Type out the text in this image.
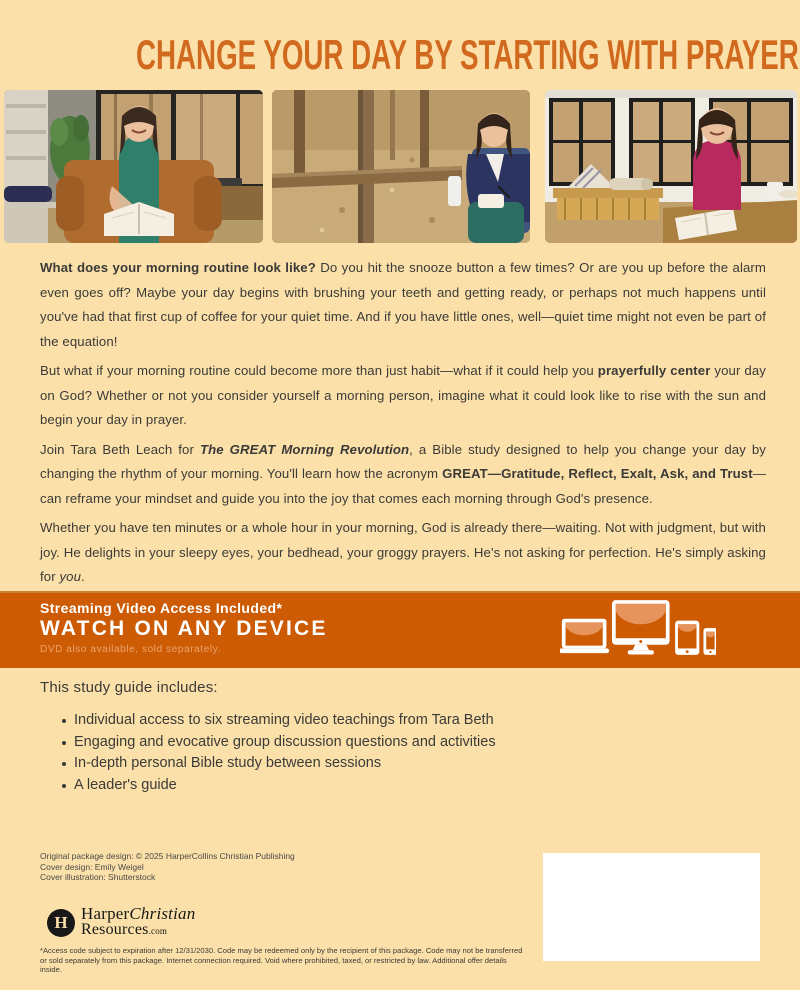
CHANGE YOUR DAY BY STARTING WITH PRAYER

What does your morning routine look like? Do you hit the snooze button a few times? Or are you up before the alarm even goes off? Maybe your day begins with brushing your teeth and getting ready, or perhaps not much happens until you've had that first cup of coffee for your quiet time. And if you have little ones, well—quiet time might not even be part of the equation!

But what if your morning routine could become more than just habit—what if it could help you prayerfully center your day on God? Whether or not you consider yourself a morning person, imagine what it could look like to rise with the sun and begin your day in prayer.

Join Tara Beth Leach for The GREAT Morning Revolution, a Bible study designed to help you change your day by changing the rhythm of your morning. You'll learn how the acronym GREAT—Gratitude, Reflect, Exalt, Ask, and Trust—can reframe your mindset and guide you into the joy that comes each morning through God's presence.

Whether you have ten minutes or a whole hour in your morning, God is already there—waiting. Not with judgment, but with joy. He delights in your sleepy eyes, your bedhead, your groggy prayers. He's not asking for perfection. He's simply asking for you.

Streaming Video Access Included*
WATCH ON ANY DEVICE
DVD also available, sold separately.
This study guide includes:
Individual access to six streaming video teachings from Tara Beth
Engaging and evocative group discussion questions and activities
In-depth personal Bible study between sessions
A leader's guide
Original package design: © 2025 HarperCollins Christian Publishing
Cover design: Emily Weigel
Cover illustration: Shutterstock
H HarperChristian
Resources.com
*Access code subject to expiration after 12/31/2030. Code may be redeemed only by the recipient of this package. Code may not be transferred or sold separately from this package. Internet connection required. Void where prohibited, taxed, or restricted by law. Additional offer details inside.
